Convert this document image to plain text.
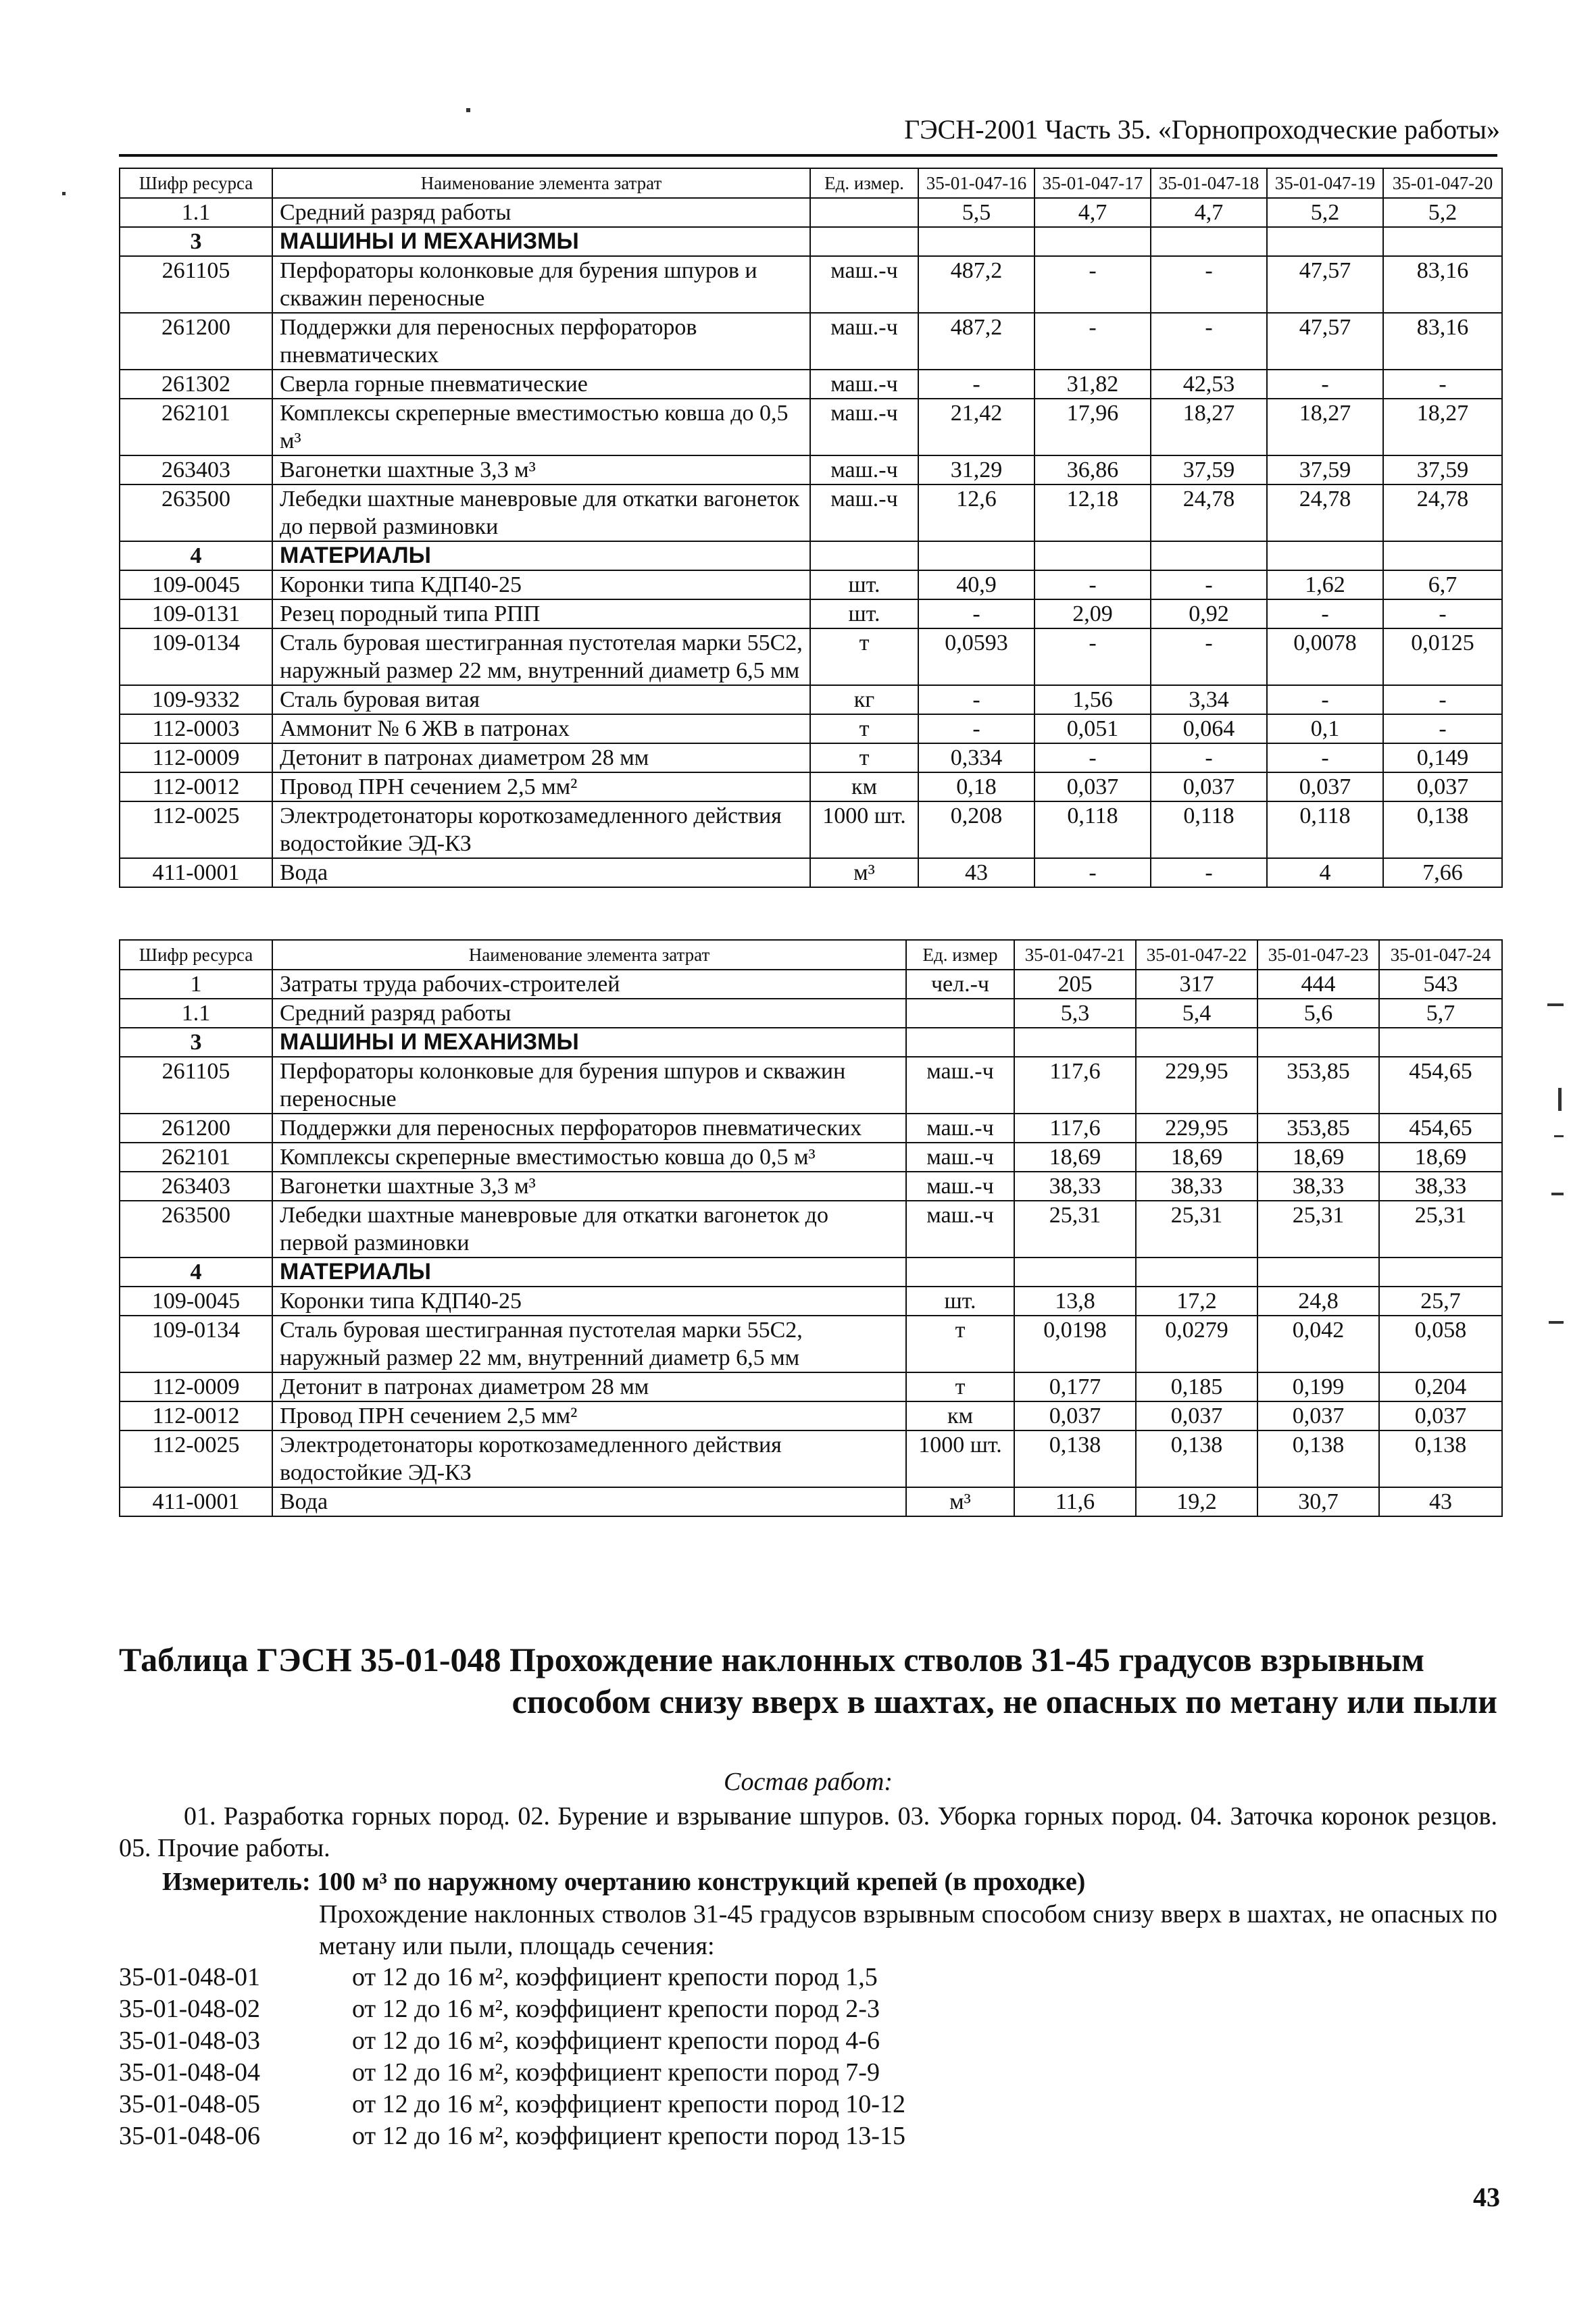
ГЭСН-2001 Часть 35. «Горнопроходческие работы»
Шифр ресурса	Наименование элемента затрат	Ед. измер.	35-01-047-16	35-01-047-17	35-01-047-18	35-01-047-19	35-01-047-20
1.1	Средний разряд работы		5,5	4,7	4,7	5,2	5,2
3	МАШИНЫ И МЕХАНИЗМЫ						
261105	Перфораторы колонковые для бурения шпуров и скважин переносные	маш.-ч	487,2	-	-	47,57	83,16
261200	Поддержки для переносных перфораторов пневматических	маш.-ч	487,2	-	-	47,57	83,16
261302	Сверла горные пневматические	маш.-ч	-	31,82	42,53	-	-
262101	Комплексы скреперные вместимостью ковша до 0,5 м³	маш.-ч	21,42	17,96	18,27	18,27	18,27
263403	Вагонетки шахтные 3,3 м³	маш.-ч	31,29	36,86	37,59	37,59	37,59
263500	Лебедки шахтные маневровые для откатки вагонеток до первой разминовки	маш.-ч	12,6	12,18	24,78	24,78	24,78
4	МАТЕРИАЛЫ						
109-0045	Коронки типа КДП40-25	шт.	40,9	-	-	1,62	6,7
109-0131	Резец породный типа РПП	шт.	-	2,09	0,92	-	-
109-0134	Сталь буровая шестигранная пустотелая марки 55С2, наружный размер 22 мм, внутренний диаметр 6,5 мм	т	0,0593	-	-	0,0078	0,0125
109-9332	Сталь буровая витая	кг	-	1,56	3,34	-	-
112-0003	Аммонит № 6 ЖВ в патронах	т	-	0,051	0,064	0,1	-
112-0009	Детонит в патронах диаметром 28 мм	т	0,334	-	-	-	0,149
112-0012	Провод ПРН сечением 2,5 мм²	км	0,18	0,037	0,037	0,037	0,037
112-0025	Электродетонаторы короткозамедленного действия водостойкие ЭД-КЗ	1000 шт.	0,208	0,118	0,118	0,118	0,138
411-0001	Вода	м³	43	-	-	4	7,66
Шифр ресурса	Наименование элемента затрат	Ед. измер	35-01-047-21	35-01-047-22	35-01-047-23	35-01-047-24
1	Затраты труда рабочих-строителей	чел.-ч	205	317	444	543
1.1	Средний разряд работы		5,3	5,4	5,6	5,7
3	МАШИНЫ И МЕХАНИЗМЫ					
261105	Перфораторы колонковые для бурения шпуров и скважин переносные	маш.-ч	117,6	229,95	353,85	454,65
261200	Поддержки для переносных перфораторов пневматических	маш.-ч	117,6	229,95	353,85	454,65
262101	Комплексы скреперные вместимостью ковша до 0,5 м³	маш.-ч	18,69	18,69	18,69	18,69
263403	Вагонетки шахтные 3,3 м³	маш.-ч	38,33	38,33	38,33	38,33
263500	Лебедки шахтные маневровые для откатки вагонеток до первой разминовки	маш.-ч	25,31	25,31	25,31	25,31
4	МАТЕРИАЛЫ					
109-0045	Коронки типа КДП40-25	шт.	13,8	17,2	24,8	25,7
109-0134	Сталь буровая шестигранная пустотелая марки 55С2, наружный размер 22 мм, внутренний диаметр 6,5 мм	т	0,0198	0,0279	0,042	0,058
112-0009	Детонит в патронах диаметром 28 мм	т	0,177	0,185	0,199	0,204
112-0012	Провод ПРН сечением 2,5 мм²	км	0,037	0,037	0,037	0,037
112-0025	Электродетонаторы короткозамедленного действия водостойкие ЭД-КЗ	1000 шт.	0,138	0,138	0,138	0,138
411-0001	Вода	м³	11,6	19,2	30,7	43
Таблица ГЭСН 35-01-048 Прохождение наклонных стволов 31-45 градусов взрывным
способом снизу вверх в шахтах, не опасных по метану или пыли
Состав работ:
01. Разработка горных пород. 02. Бурение и взрывание шпуров. 03. Уборка горных пород. 04. Заточка коронок резцов. 05. Прочие работы.
Измеритель: 100 м³ по наружному очертанию конструкций крепей (в проходке)
Прохождение наклонных стволов 31-45 градусов взрывным способом снизу вверх в шахтах, не опасных по метану или пыли, площадь сечения:
35-01-048-01	от 12 до 16 м², коэффициент крепости пород 1,5
35-01-048-02	от 12 до 16 м², коэффициент крепости пород 2-3
35-01-048-03	от 12 до 16 м², коэффициент крепости пород 4-6
35-01-048-04	от 12 до 16 м², коэффициент крепости пород 7-9
35-01-048-05	от 12 до 16 м², коэффициент крепости пород 10-12
35-01-048-06	от 12 до 16 м², коэффициент крепости пород 13-15
43
